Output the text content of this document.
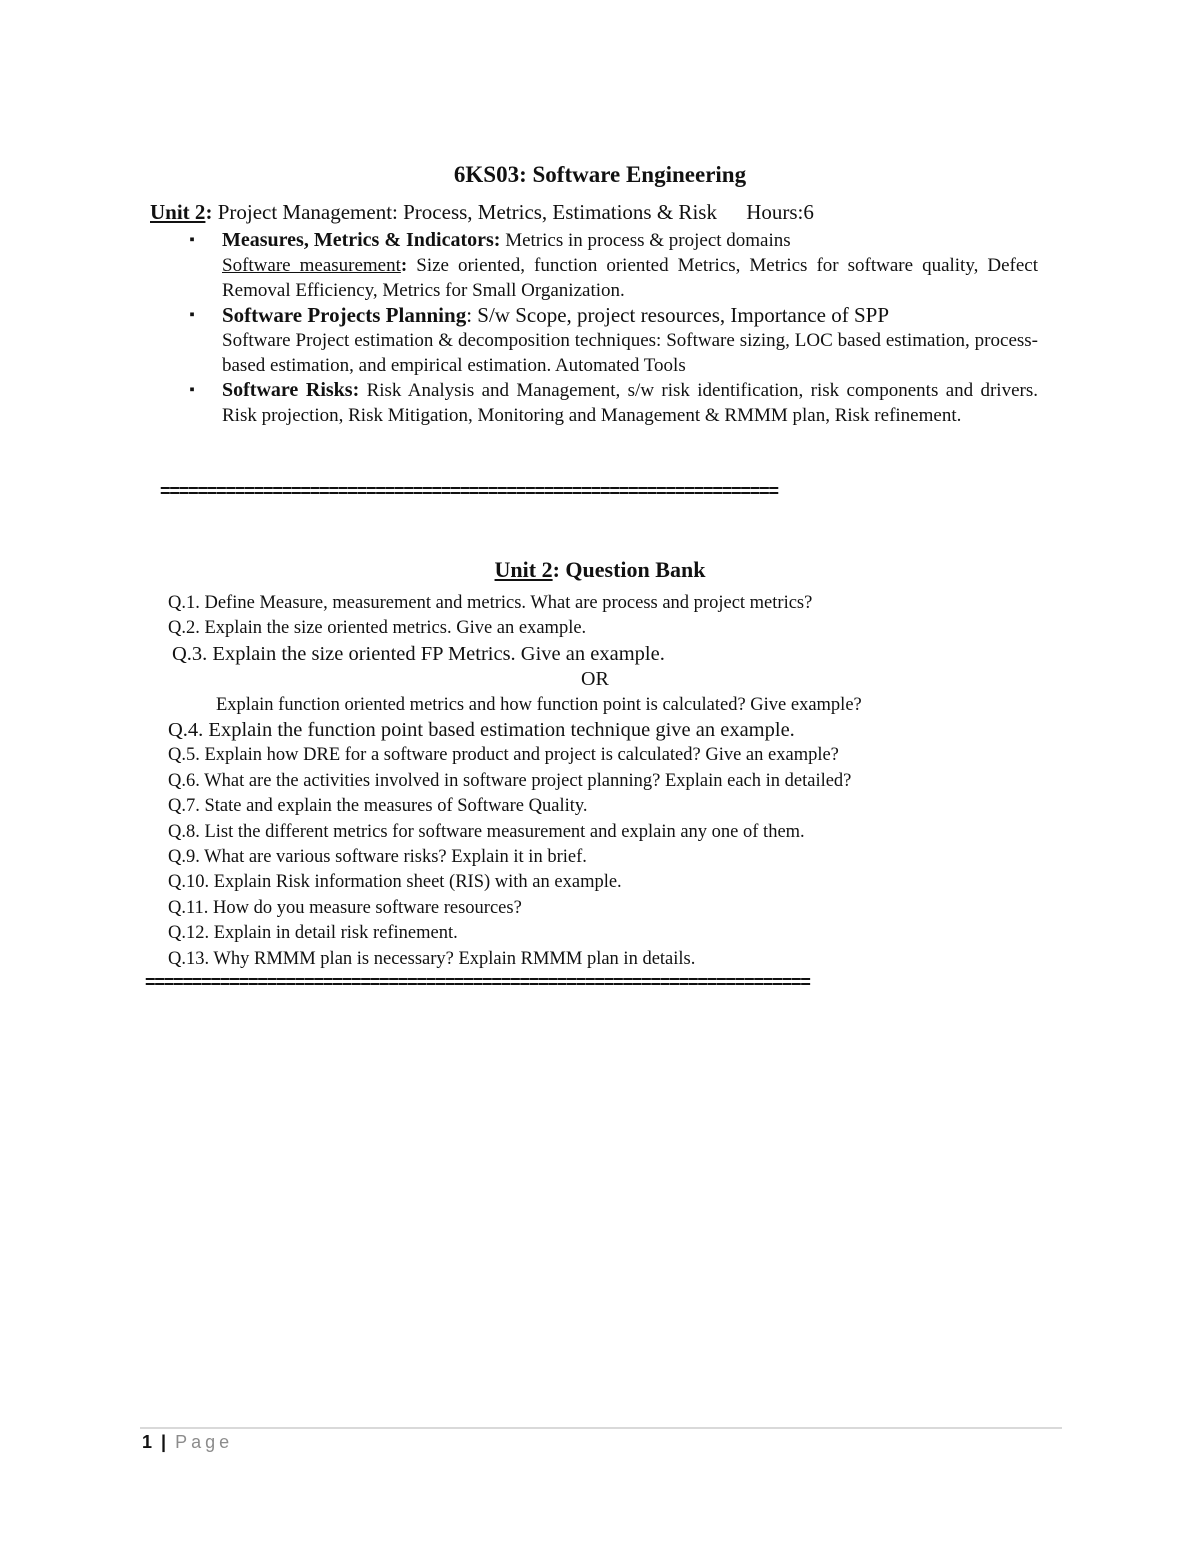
6KS03: Software Engineering
Unit 2: Project Management: Process, Metrics, Estimations & Risk Hours:6
▪ Measures, Metrics & Indicators: Metrics in process & project domains
Software measurement: Size oriented, function oriented Metrics, Metrics for software quality, Defect Removal Efficiency, Metrics for Small Organization.
▪ Software Projects Planning: S/w Scope, project resources, Importance of SPP
Software Project estimation & decomposition techniques: Software sizing, LOC based estimation, process-based estimation, and empirical estimation. Automated Tools
▪ Software Risks: Risk Analysis and Management, s/w risk identification, risk components and drivers. Risk projection, Risk Mitigation, Monitoring and Management & RMMM plan, Risk refinement.
==================================================================
Unit 2: Question Bank
Q.1. Define Measure, measurement and metrics. What are process and project metrics?
Q.2. Explain the size oriented metrics. Give an example.
Q.3. Explain the size oriented FP Metrics. Give an example.
OR
Explain function oriented metrics and how function point is calculated? Give example?
Q.4. Explain the function point based estimation technique give an example.
Q.5. Explain how DRE for a software product and project is calculated? Give an example?
Q.6. What are the activities involved in software project planning? Explain each in detailed?
Q.7. State and explain the measures of Software Quality.
Q.8. List the different metrics for software measurement and explain any one of them.
Q.9. What are various software risks? Explain it in brief.
Q.10. Explain Risk information sheet (RIS) with an example.
Q.11. How do you measure software resources?
Q.12. Explain in detail risk refinement.
Q.13. Why RMMM plan is necessary? Explain RMMM plan in details.
=======================================================================
1 | Page
